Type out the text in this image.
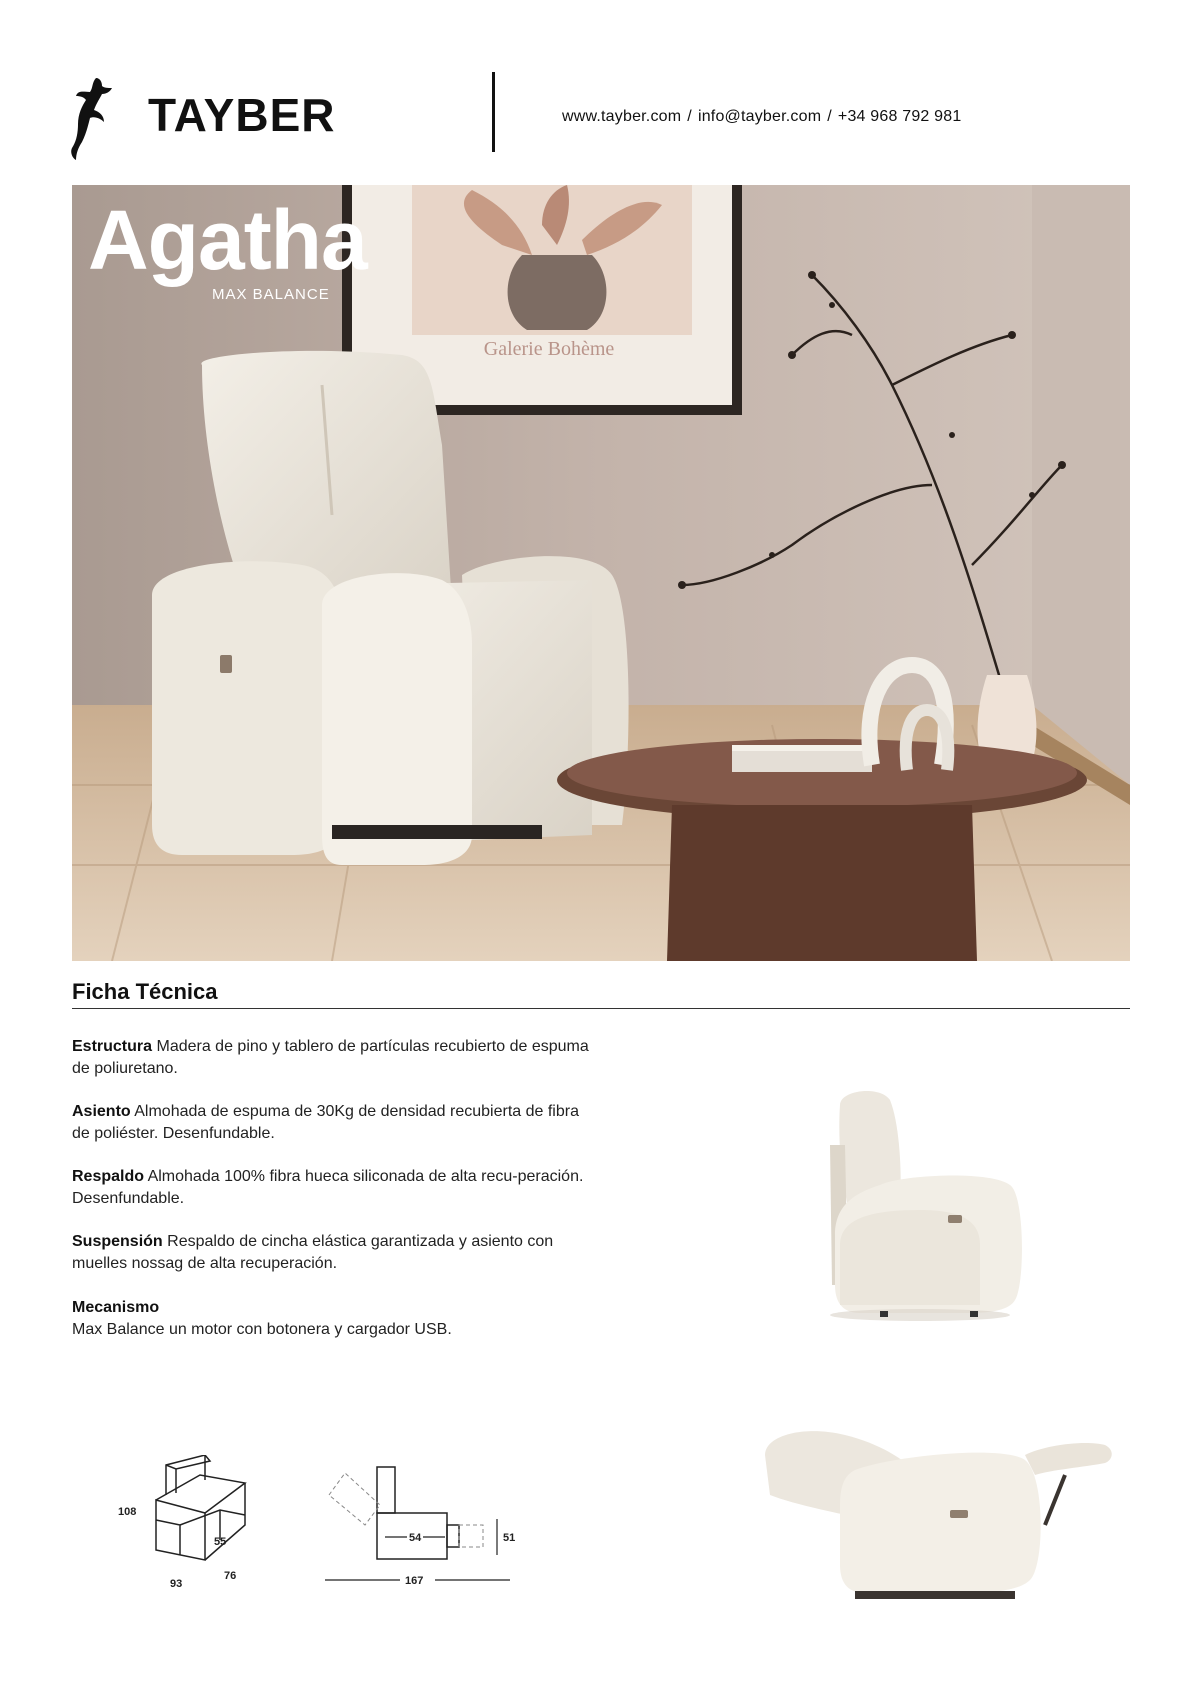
TAYBER	www.tayber.com / info@tayber.com / +34 968 792 981
Galerie Bohème
Agatha
MAX BALANCE
Ficha Técnica
Estructura Madera de pino y tablero de partículas recubierto de espuma de poliuretano.
Asiento Almohada de espuma de 30Kg de densidad recubierta de fibra de poliéster. Desenfundable.
Respaldo Almohada 100% fibra hueca siliconada de alta recu-peración. Desenfundable.
Suspensión Respaldo de cincha elástica garantizada y asiento con muelles nossag de alta recuperación.
Mecanismo
Max Balance un motor con botonera y cargador USB.
108
55
93
76
54	51
167
